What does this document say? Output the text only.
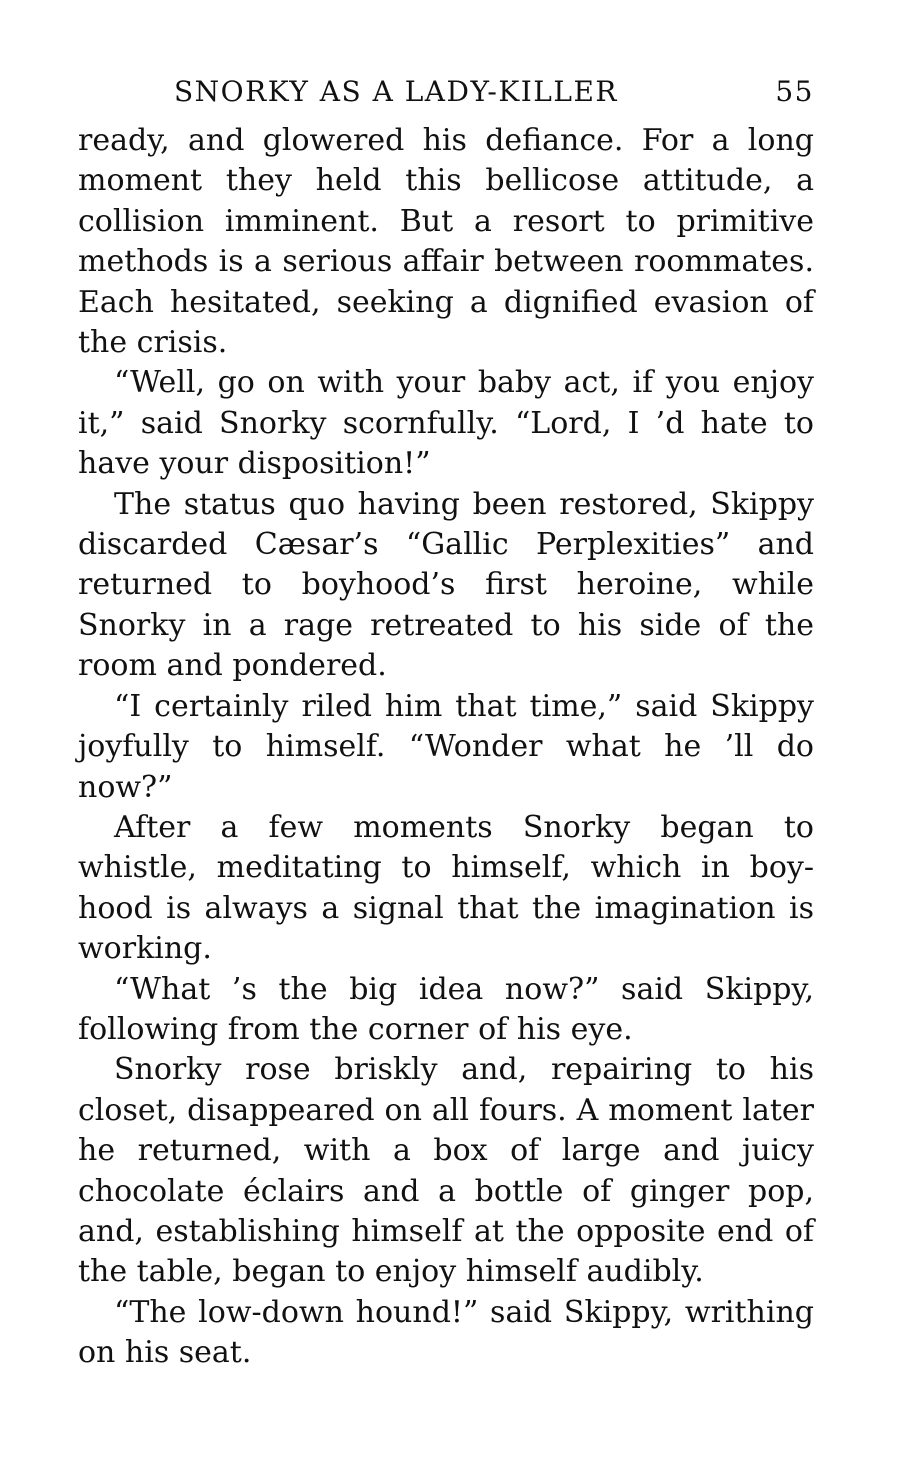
SNORKY AS A LADY-KILLER	55

ready, and glowered his defiance. For a long moment they held this bellicose attitude, a collision imminent. But a resort to primitive methods is a serious affair between roommates. Each hesitated, seeking a dignified evasion of the crisis.

“Well, go on with your baby act, if you enjoy it,” said Snorky scornfully. “Lord, I ’d hate to have your disposition!”

The status quo having been restored, Skippy discarded Cæsar’s “Gallic Perplexities” and returned to boyhood’s first heroine, while Snorky in a rage retreated to his side of the room and pondered.

“I certainly riled him that time,” said Skippy joyfully to himself. “Wonder what he ’ll do now?”

After a few moments Snorky began to whistle, meditating to himself, which in boyhood is always a signal that the imagination is working.

“What ’s the big idea now?” said Skippy, following from the corner of his eye.

Snorky rose briskly and, repairing to his closet, disappeared on all fours. A moment later he returned, with a box of large and juicy chocolate éclairs and a bottle of ginger pop, and, establishing himself at the opposite end of the table, began to enjoy himself audibly.

“The low-down hound!” said Skippy, writhing on his seat.
